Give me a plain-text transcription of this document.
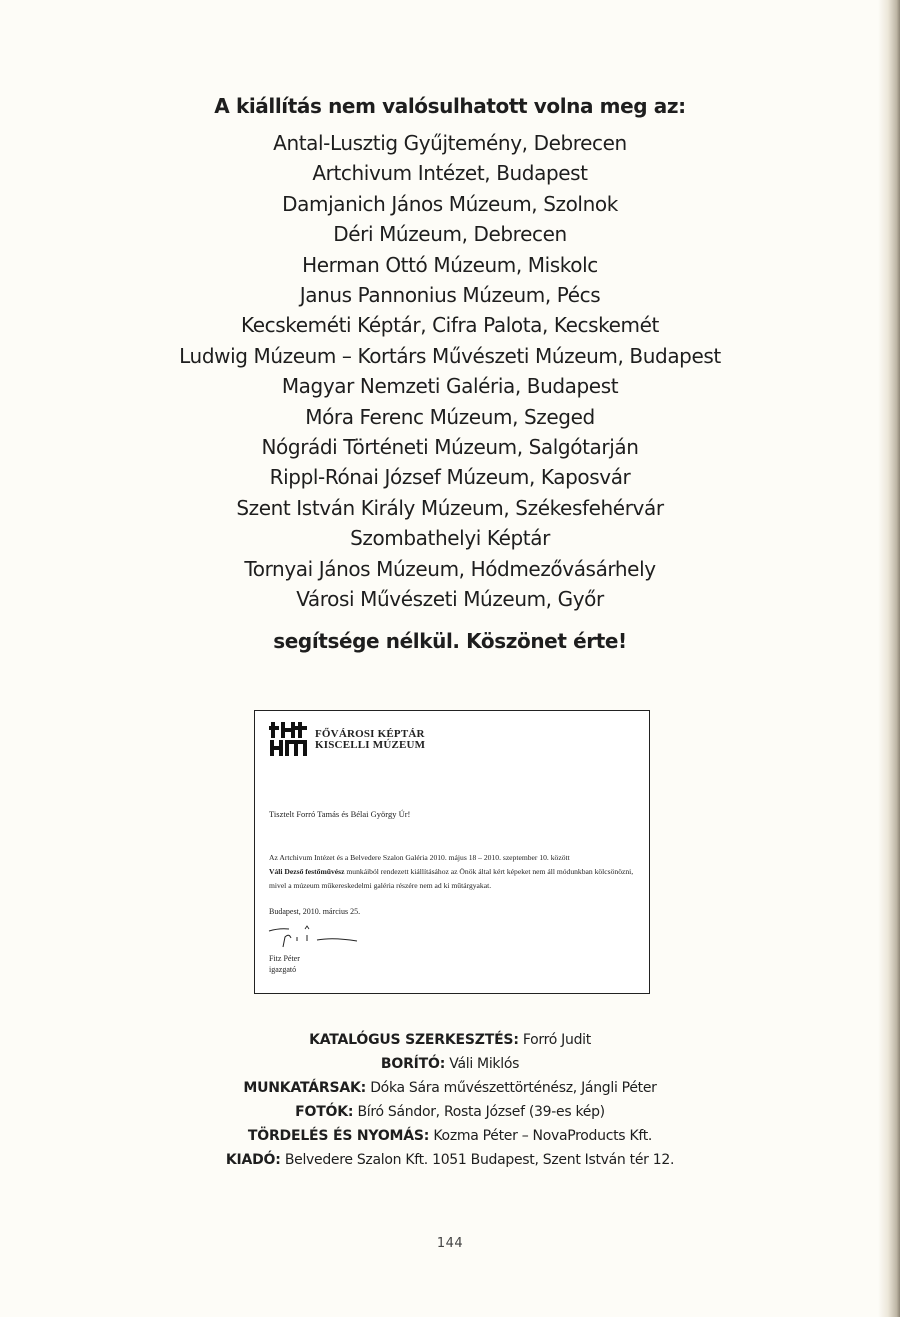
A kiállítás nem valósulhatott volna meg az:
Antal-Lusztig Gyűjtemény, Debrecen
Artchivum Intézet, Budapest
Damjanich János Múzeum, Szolnok
Déri Múzeum, Debrecen
Herman Ottó Múzeum, Miskolc
Janus Pannonius Múzeum, Pécs
Kecskeméti Képtár, Cifra Palota, Kecskemét
Ludwig Múzeum – Kortárs Művészeti Múzeum, Budapest
Magyar Nemzeti Galéria, Budapest
Móra Ferenc Múzeum, Szeged
Nógrádi Történeti Múzeum, Salgótarján
Rippl-Rónai József Múzeum, Kaposvár
Szent István Király Múzeum, Székesfehérvár
Szombathelyi Képtár
Tornyai János Múzeum, Hódmezővásárhely
Városi Művészeti Múzeum, Győr
segítsége nélkül. Köszönet érte!
FŐVÁROSI KÉPTÁR
KISCELLI MÚZEUM
Tisztelt Forró Tamás és Bélai György Úr!
Az Artchivum Intézet és a Belvedere Szalon Galéria 2010. május 18 – 2010. szeptember 10. között
Váli Dezső festőművész munkáiból rendezett kiállításához az Önök által kért képeket nem áll módunkban kölcsönözni, mivel a múzeum műkereskedelmi galéria részére nem ad ki műtárgyakat.
Budapest, 2010. március 25.
Fitz Péter
igazgató
KATALÓGUS SZERKESZTÉS: Forró Judit
BORÍTÓ: Váli Miklós
MUNKATÁRSAK: Dóka Sára művészettörténész, Jángli Péter
FOTÓK: Bíró Sándor, Rosta József (39-es kép)
TÖRDELÉS ÉS NYOMÁS: Kozma Péter – NovaProducts Kft.
KIADÓ: Belvedere Szalon Kft. 1051 Budapest, Szent István tér 12.
144
